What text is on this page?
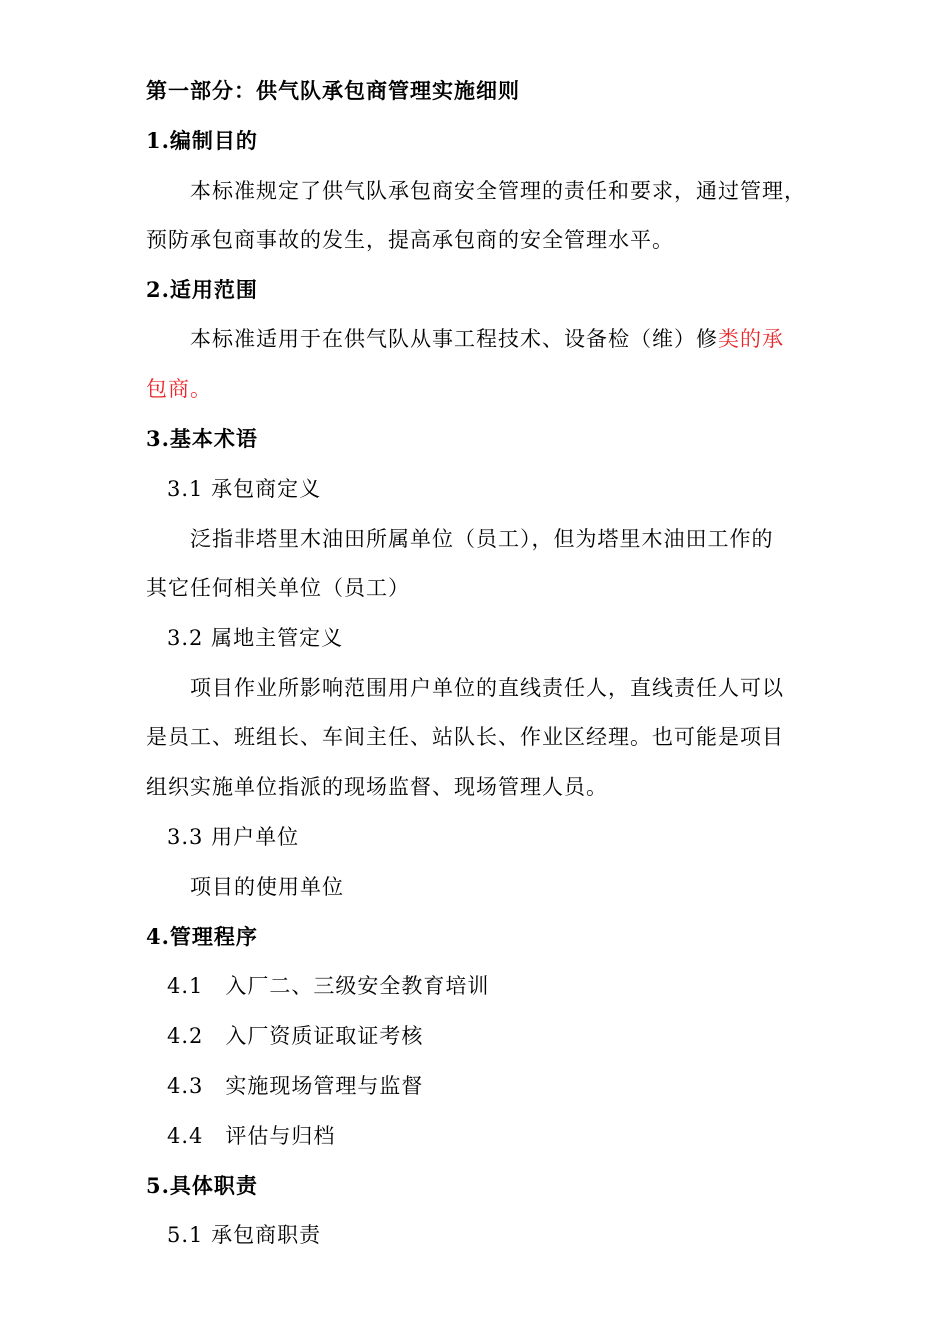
第一部分：供气队承包商管理实施细则
1.编制目的
本标准规定了供气队承包商安全管理的责任和要求，通过管理，
预防承包商事故的发生，提高承包商的安全管理水平。
2.适用范围
本标准适用于在供气队从事工程技术、设备检（维）修类的承
包商。
3.基本术语
3.1 承包商定义
泛指非塔里木油田所属单位（员工），但为塔里木油田工作的
其它任何相关单位（员工）
3.2 属地主管定义
项目作业所影响范围用户单位的直线责任人，直线责任人可以
是员工、班组长、车间主任、站队长、作业区经理。也可能是项目
组织实施单位指派的现场监督、现场管理人员。
3.3 用户单位
项目的使用单位
4.管理程序
4.1 入厂二、三级安全教育培训
4.2 入厂资质证取证考核
4.3 实施现场管理与监督
4.4 评估与归档
5.具体职责
5.1 承包商职责
